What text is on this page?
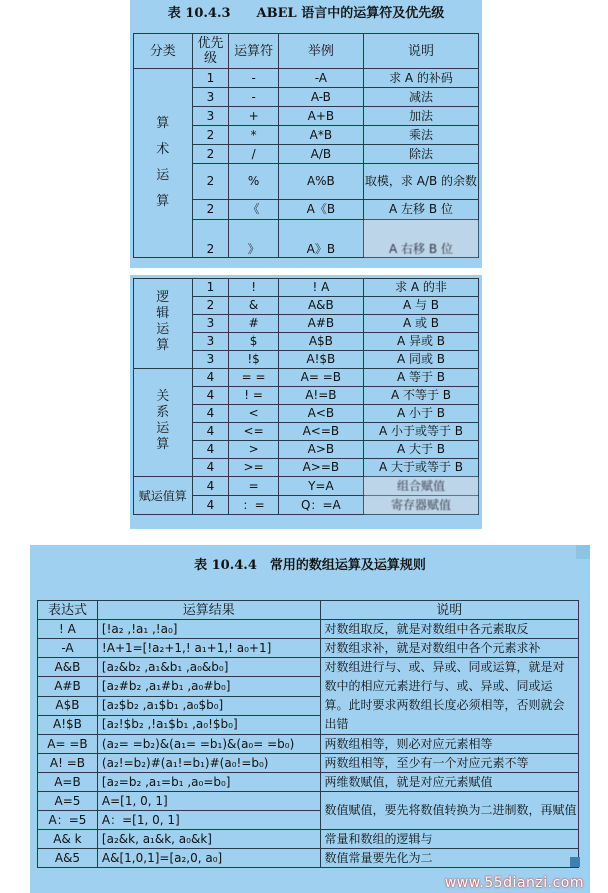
表 10.4.3　　ABEL 语言中的运算符及优先级
分类	优先级	运算符	举例	说明
算术运算	1	-	-A	求 A 的补码
	3	-	A-B	减法
	3	+	A+B	加法
	2	*	A*B	乘法
	2	/	A/B	除法
	2	%	A%B	取模，求 A/B 的余数
	2	《	A《B	A 左移 B 位
	2	》	A》B	A 右移 B 位
逻辑运算	1	!	! A	求 A 的非
	2	&	A&B	A 与 B
	3	#	A#B	A 或 B
	3	$	A$B	A 异或 B
	3	!$	A!$B	A 同或 B
关系运算	4	= =	A= =B	A 等于 B
	4	! =	A!=B	A 不等于 B
	4	<	A<B	A 小于 B
	4	<=	A<=B	A 小于或等于 B
	4	>	A>B	A 大于 B
	4	>=	A>=B	A 大于或等于 B
赋运值算	4	=	Y=A	组合赋值
	4	：=	Q：=A	寄存器赋值
表 10.4.4　常用的数组运算及运算规则
表达式	运算结果	说明
! A	[!a₂ ,!a₁ ,!a₀]	对数组取反，就是对数组中各元素取反
-A	!A+1=[!a₂+1,! a₁+1,! a₀+1]	对数组求补，就是对数组中各个元素求补
A&B	[a₂&b₂ ,a₁&b₁ ,a₀&b₀]	对数组进行与、或、异或、同或运算，就是对数中的相应元素进行与、或、异或、同或运算。此时要求两数组长度必须相等，否则就会出错
A#B	[a₂#b₂ ,a₁#b₁ ,a₀#b₀]	
A$B	[a₂$b₂ ,a₁$b₁ ,a₀$b₀]	
A!$B	[a₂!$b₂ ,!a₁$b₁ ,a₀!$b₀]	
A= =B	(a₂= =b₂)&(a₁= =b₁)&(a₀= =b₀)	两数组相等，则必对应元素相等
A! =B	(a₂!=b₂)#(a₁!=b₁)#(a₀!=b₀)	两数组相等，至少有一个对应元素不等
A=B	[a₂=b₂ ,a₁=b₁ ,a₀=b₀]	两维数赋值，就是对应元素赋值
A=5	A=[1, 0, 1]	数值赋值，要先将数值转换为二进制数，再赋值
A：=5	A：=[1, 0, 1]	
A& k	[a₂&k, a₁&k, a₀&k]	常量和数组的逻辑与
A&5	A&[1,0,1]=[a₂,0, a₀]	数值常量要先化为二
www.55dianzi.com
